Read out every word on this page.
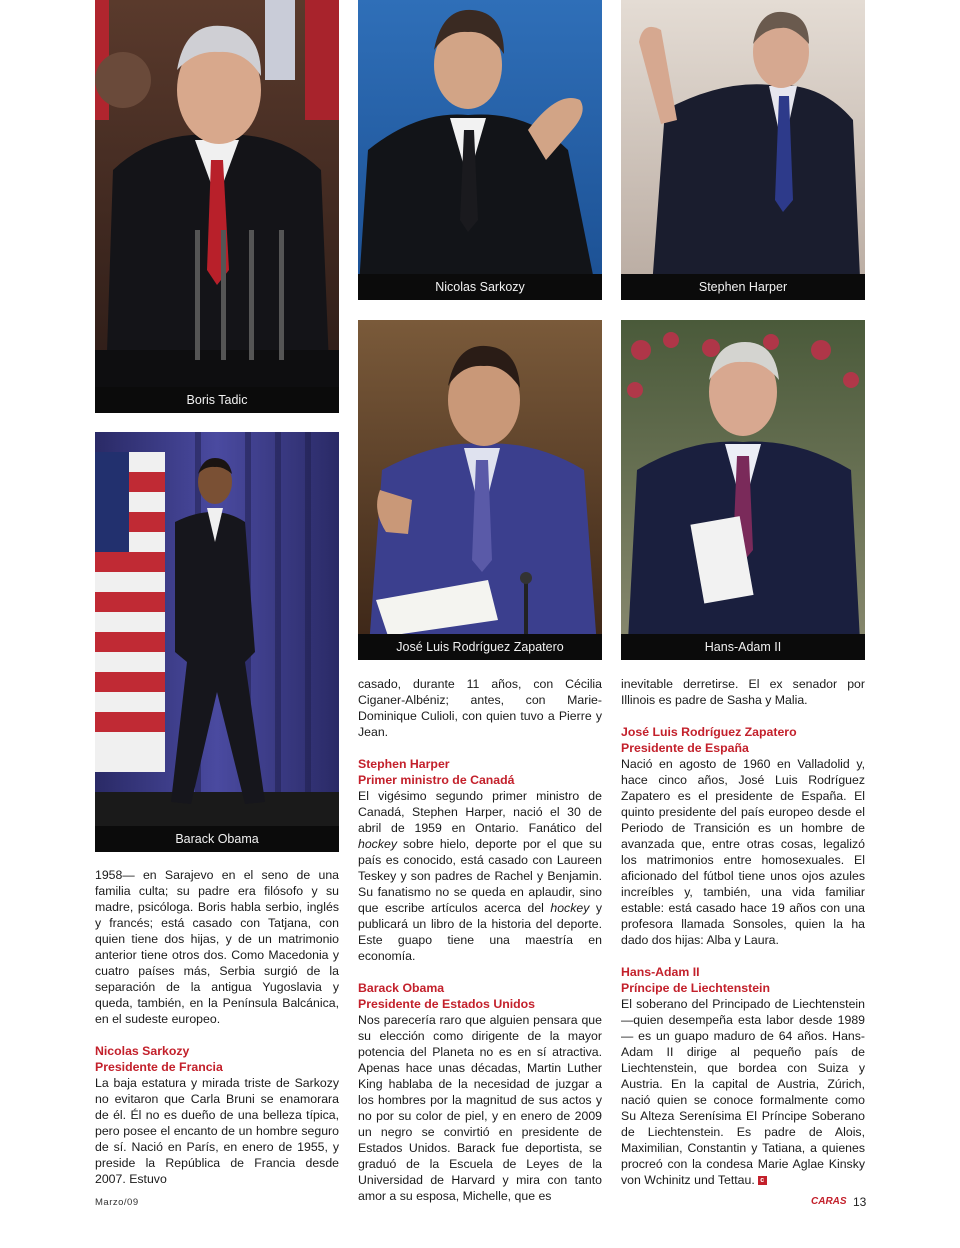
Boris Tadic
Nicolas Sarkozy	Stephen Harper
Barack Obama
José Luis Rodríguez Zapatero	Hans-Adam II

1958— en Sarajevo en el seno de una familia culta; su padre era filósofo y su madre, psicóloga. Boris habla serbio, inglés y francés; está casado con Tatjana, con quien tiene dos hijas, y de un matrimonio anterior tiene otros dos. Como Macedonia y cuatro países más, Serbia surgió de la separación de la antigua Yugoslavia y queda, también, en la Península Balcánica, en el sudeste europeo.

Nicolas Sarkozy

Presidente de Francia

La baja estatura y mirada triste de Sarkozy no evitaron que Carla Bruni se enamorara de él. Él no es dueño de una belleza típica, pero posee el encanto de un hombre seguro de sí. Nació en París, en enero de 1955, y preside la República de Francia desde 2007. Estuvo

casado, durante 11 años, con Cécilia Ciganer-Albéniz; antes, con Marie-Dominique Culioli, con quien tuvo a Pierre y Jean.

Stephen Harper

Primer ministro de Canadá

El vigésimo segundo primer ministro de Canadá, Stephen Harper, nació el 30 de abril de 1959 en Ontario. Fanático del hockey sobre hielo, deporte por el que su país es conocido, está casado con Laureen Teskey y son padres de Rachel y Benjamin. Su fanatismo no se queda en aplaudir, sino que escribe artículos acerca del hockey y publicará un libro de la historia del deporte. Este guapo tiene una maestría en economía.

Barack Obama

Presidente de Estados Unidos

Nos parecería raro que alguien pensara que su elección como dirigente de la mayor potencia del Planeta no es en sí atractiva. Apenas hace unas décadas, Martin Luther King hablaba de la necesidad de juzgar a los hombres por la magnitud de sus actos y no por su color de piel, y en enero de 2009 un negro se convirtió en presidente de Estados Unidos. Barack fue deportista, se graduó de la Escuela de Leyes de la Universidad de Harvard y mira con tanto amor a su esposa, Michelle, que es

inevitable derretirse. El ex senador por Illinois es padre de Sasha y Malia.

José Luis Rodríguez Zapatero

Presidente de España

Nació en agosto de 1960 en Valladolid y, hace cinco años, José Luis Rodríguez Zapatero es el presidente de España. El quinto presidente del país europeo desde el Periodo de Transición es un hombre de avanzada que, entre otras cosas, legalizó los matrimonios entre homosexuales. El aficionado del fútbol tiene unos ojos azules increíbles y, también, una vida familiar estable: está casado hace 19 años con una profesora llamada Sonsoles, quien la ha dado dos hijas: Alba y Laura.

Hans-Adam II

Príncipe de Liechtenstein

El soberano del Principado de Liechtenstein —quien desempeña esta labor desde 1989— es un guapo maduro de 64 años. Hans-Adam II dirige al pequeño país de Liechtenstein, que bordea con Suiza y Austria. En la capital de Austria, Zúrich, nació quien se conoce formalmente como Su Alteza Serenísima El Príncipe Soberano de Liechtenstein. Es padre de Alois, Maximilian, Constantin y Tatiana, a quienes procreó con la condesa Marie Aglae Kinsky von Wchinitz und Tettau. c

Marzo/09	CARAS 13
